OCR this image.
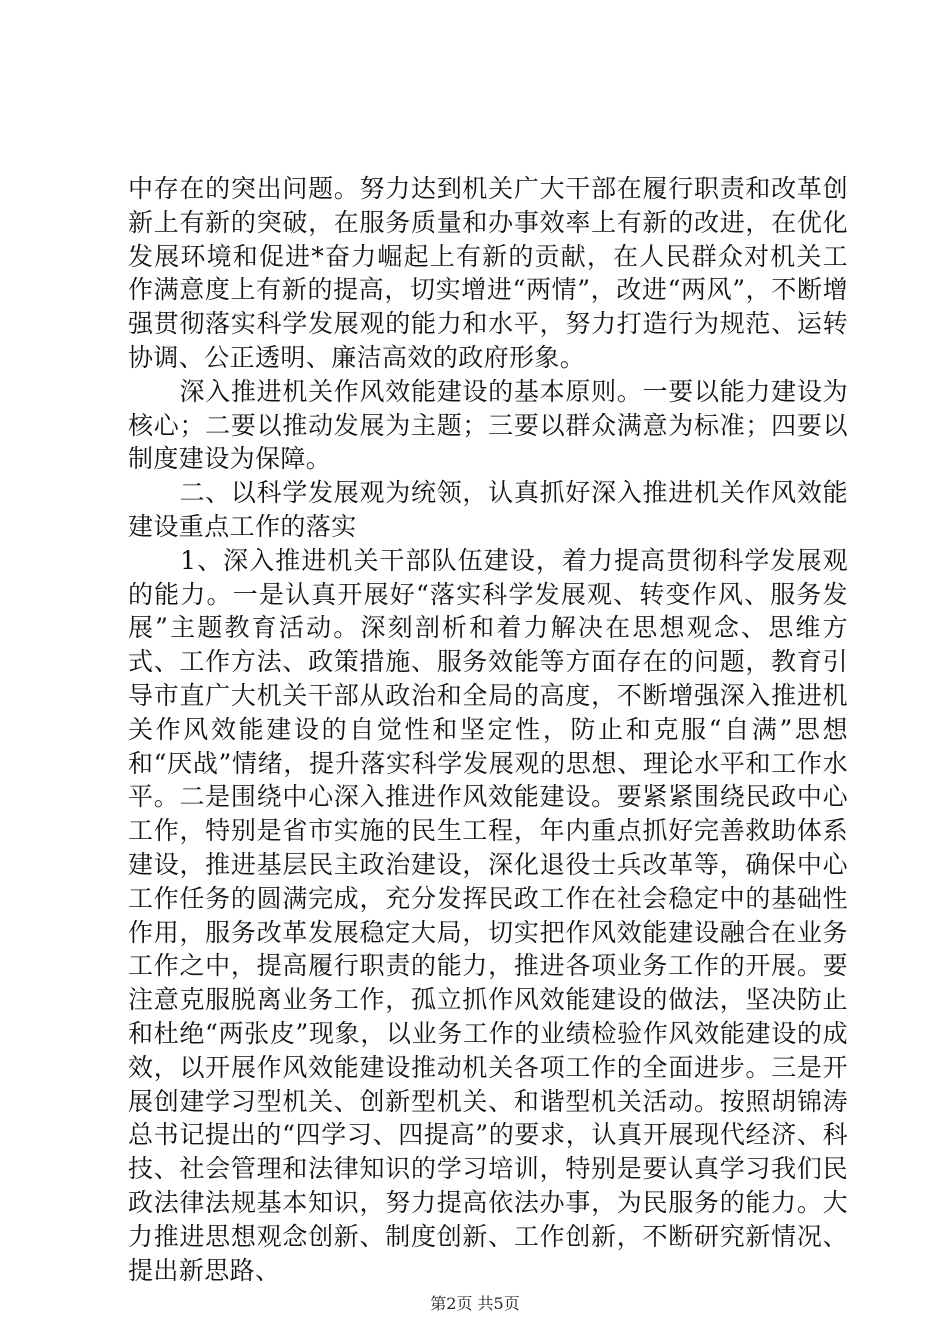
中存在的突出问题。努力达到机关广大干部在履行职责和改革创新上有新的突破，在服务质量和办事效率上有新的改进，在优化发展环境和促进*奋力崛起上有新的贡献，在人民群众对机关工作满意度上有新的提高，切实增进“两情”，改进“两风”，不断增强贯彻落实科学发展观的能力和水平，努力打造行为规范、运转协调、公正透明、廉洁高效的政府形象。

　　深入推进机关作风效能建设的基本原则。一要以能力建设为核心；二要以推动发展为主题；三要以群众满意为标准；四要以制度建设为保障。

　　二、以科学发展观为统领，认真抓好深入推进机关作风效能建设重点工作的落实

　　1、深入推进机关干部队伍建设，着力提高贯彻科学发展观的能力。一是认真开展好“落实科学发展观、转变作风、服务发展”主题教育活动。深刻剖析和着力解决在思想观念、思维方式、工作方法、政策措施、服务效能等方面存在的问题，教育引导市直广大机关干部从政治和全局的高度，不断增强深入推进机关作风效能建设的自觉性和坚定性，防止和克服“自满”思想和“厌战”情绪，提升落实科学发展观的思想、理论水平和工作水平。二是围绕中心深入推进作风效能建设。要紧紧围绕民政中心工作，特别是省市实施的民生工程，年内重点抓好完善救助体系建设，推进基层民主政治建设，深化退役士兵改革等，确保中心工作任务的圆满完成，充分发挥民政工作在社会稳定中的基础性作用，服务改革发展稳定大局，切实把作风效能建设融合在业务工作之中，提高履行职责的能力，推进各项业务工作的开展。要注意克服脱离业务工作，孤立抓作风效能建设的做法，坚决防止和杜绝“两张皮”现象，以业务工作的业绩检验作风效能建设的成效，以开展作风效能建设推动机关各项工作的全面进步。三是开展创建学习型机关、创新型机关、和谐型机关活动。按照胡锦涛总书记提出的“四学习、四提高”的要求，认真开展现代经济、科技、社会管理和法律知识的学习培训，特别是要认真学习我们民政法律法规基本知识，努力提高依法办事，为民服务的能力。大力推进思想观念创新、制度创新、工作创新，不断研究新情况、提出新思路、

第2页 共5页
